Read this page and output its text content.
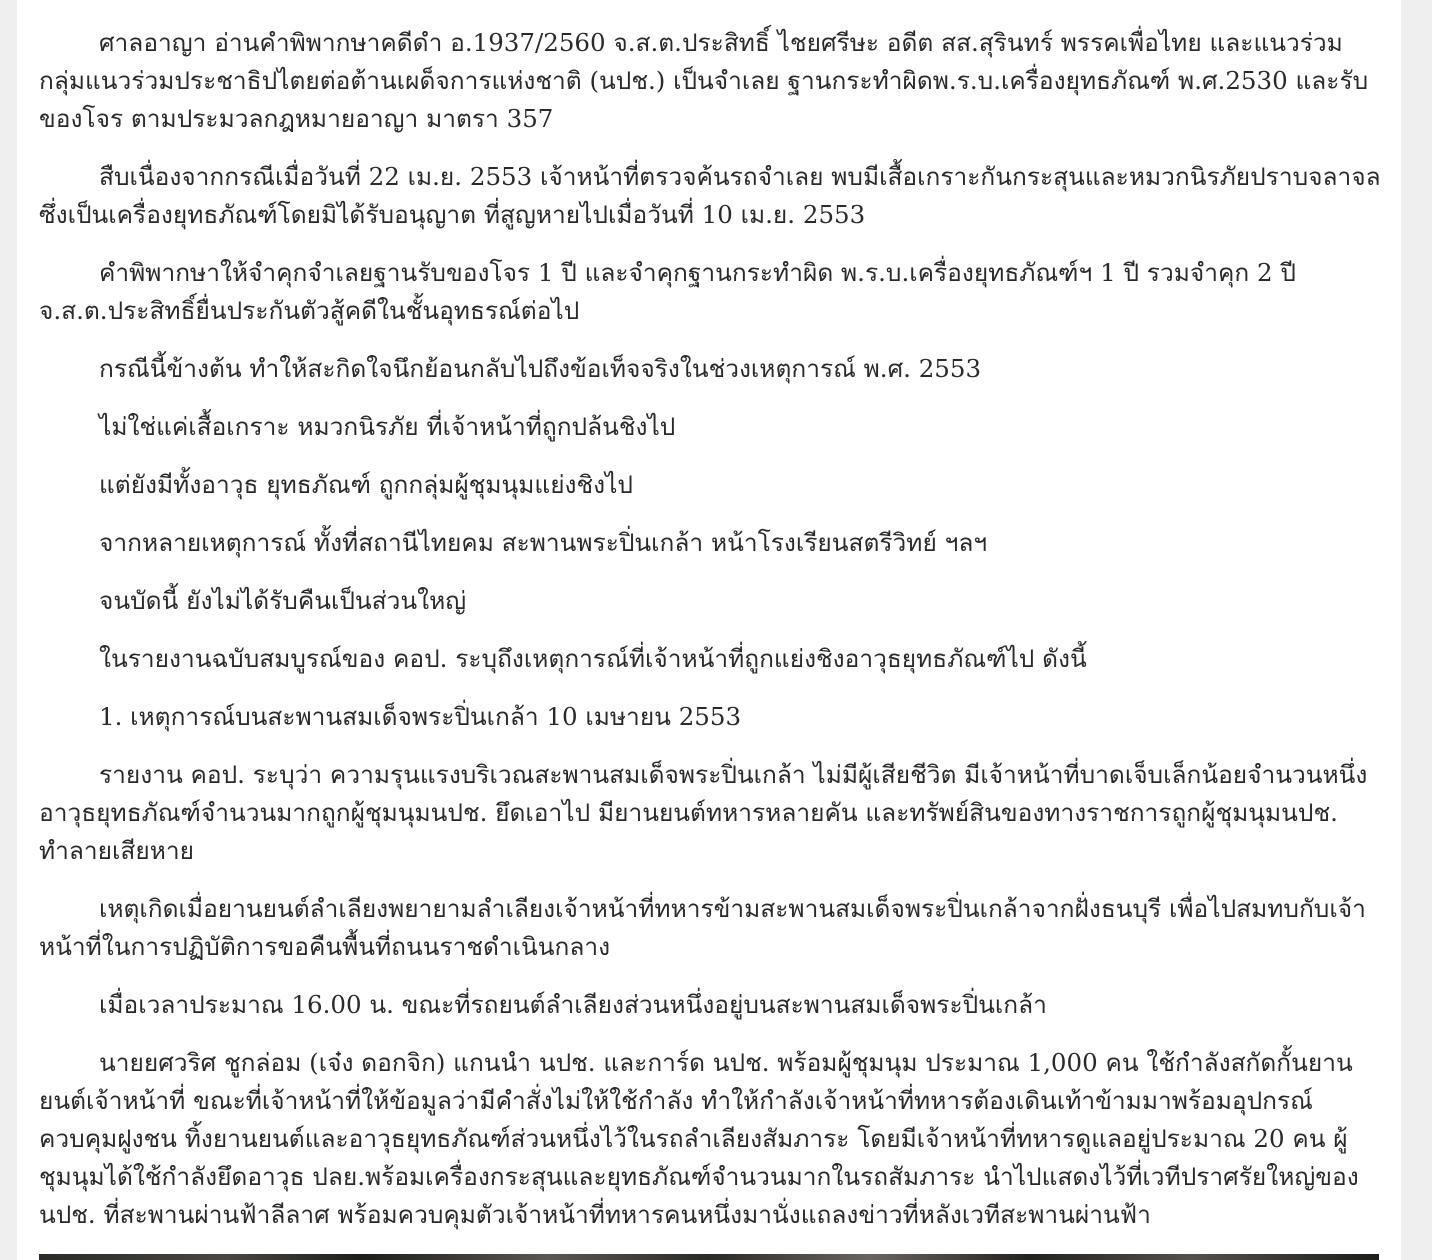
ศาลอาญา อ่านคำพิพากษาคดีดำ อ.1937/2560 จ.ส.ต.ประสิทธิ์ ไชยศรีษะ อดีต สส.สุรินทร์ พรรคเพื่อไทย และแนวร่วมกลุ่มแนวร่วมประชาธิปไตยต่อต้านเผด็จการแห่งชาติ (นปช.) เป็นจำเลย ฐานกระทำผิดพ.ร.บ.เครื่องยุทธภัณฑ์ พ.ศ.2530 และรับของโจร ตามประมวลกฎหมายอาญา มาตรา 357

สืบเนื่องจากกรณีเมื่อวันที่ 22 เม.ย. 2553 เจ้าหน้าที่ตรวจค้นรถจำเลย พบมีเสื้อเกราะกันกระสุนและหมวกนิรภัยปราบจลาจล ซึ่งเป็นเครื่องยุทธภัณฑ์โดยมิได้รับอนุญาต ที่สูญหายไปเมื่อวันที่ 10 เม.ย. 2553

คำพิพากษาให้จำคุกจำเลยฐานรับของโจร 1 ปี และจำคุกฐานกระทำผิด พ.ร.บ.เครื่องยุทธภัณฑ์ฯ 1 ปี รวมจำคุก 2 ปี จ.ส.ต.ประสิทธิ์ยื่นประกันตัวสู้คดีในชั้นอุทธรณ์ต่อไป

กรณีนี้ข้างต้น ทำให้สะกิดใจนึกย้อนกลับไปถึงข้อเท็จจริงในช่วงเหตุการณ์ พ.ศ. 2553

ไม่ใช่แค่เสื้อเกราะ หมวกนิรภัย ที่เจ้าหน้าที่ถูกปล้นชิงไป

แต่ยังมีทั้งอาวุธ ยุทธภัณฑ์ ถูกกลุ่มผู้ชุมนุมแย่งชิงไป

จากหลายเหตุการณ์ ทั้งที่สถานีไทยคม สะพานพระปิ่นเกล้า หน้าโรงเรียนสตรีวิทย์ ฯลฯ

จนบัดนี้ ยังไม่ได้รับคืนเป็นส่วนใหญ่

ในรายงานฉบับสมบูรณ์ของ คอป. ระบุถึงเหตุการณ์ที่เจ้าหน้าที่ถูกแย่งชิงอาวุธยุทธภัณฑ์ไป ดังนี้

1. เหตุการณ์บนสะพานสมเด็จพระปิ่นเกล้า 10 เมษายน 2553

รายงาน คอป. ระบุว่า ความรุนแรงบริเวณสะพานสมเด็จพระปิ่นเกล้า ไม่มีผู้เสียชีวิต มีเจ้าหน้าที่บาดเจ็บเล็กน้อยจำนวนหนึ่ง อาวุธยุทธภัณฑ์จำนวนมากถูกผู้ชุมนุมนปช. ยึดเอาไป มียานยนต์ทหารหลายคัน และทรัพย์สินของทางราชการถูกผู้ชุมนุมนปช. ทำลายเสียหาย

เหตุเกิดเมื่อยานยนต์ลำเลียงพยายามลำเลียงเจ้าหน้าที่ทหารข้ามสะพานสมเด็จพระปิ่นเกล้าจากฝั่งธนบุรี เพื่อไปสมทบกับเจ้าหน้าที่ในการปฏิบัติการขอคืนพื้นที่ถนนราชดำเนินกลาง

เมื่อเวลาประมาณ 16.00 น. ขณะที่รถยนต์ลำเลียงส่วนหนึ่งอยู่บนสะพานสมเด็จพระปิ่นเกล้า

นายยศวริศ ชูกล่อม (เจ๋ง ดอกจิก) แกนนำ นปช. และการ์ด นปช. พร้อมผู้ชุมนุม ประมาณ 1,000 คน ใช้กำลังสกัดกั้นยานยนต์เจ้าหน้าที่ ขณะที่เจ้าหน้าที่ให้ข้อมูลว่ามีคำสั่งไม่ให้ใช้กำลัง ทำให้กำลังเจ้าหน้าที่ทหารต้องเดินเท้าข้ามมาพร้อมอุปกรณ์ควบคุมฝูงชน ทิ้งยานยนต์และอาวุธยุทธภัณฑ์ส่วนหนึ่งไว้ในรถลำเลียงสัมภาระ โดยมีเจ้าหน้าที่ทหารดูแลอยู่ประมาณ 20 คน ผู้ชุมนุมได้ใช้กำลังยึดอาวุธ ปลย.พร้อมเครื่องกระสุนและยุทธภัณฑ์จำนวนมากในรถสัมภาระ นำไปแสดงไว้ที่เวทีปราศรัยใหญ่ของนปช. ที่สะพานผ่านฟ้าลีลาศ พร้อมควบคุมตัวเจ้าหน้าที่ทหารคนหนึ่งมานั่งแถลงข่าวที่หลังเวทีสะพานผ่านฟ้า
